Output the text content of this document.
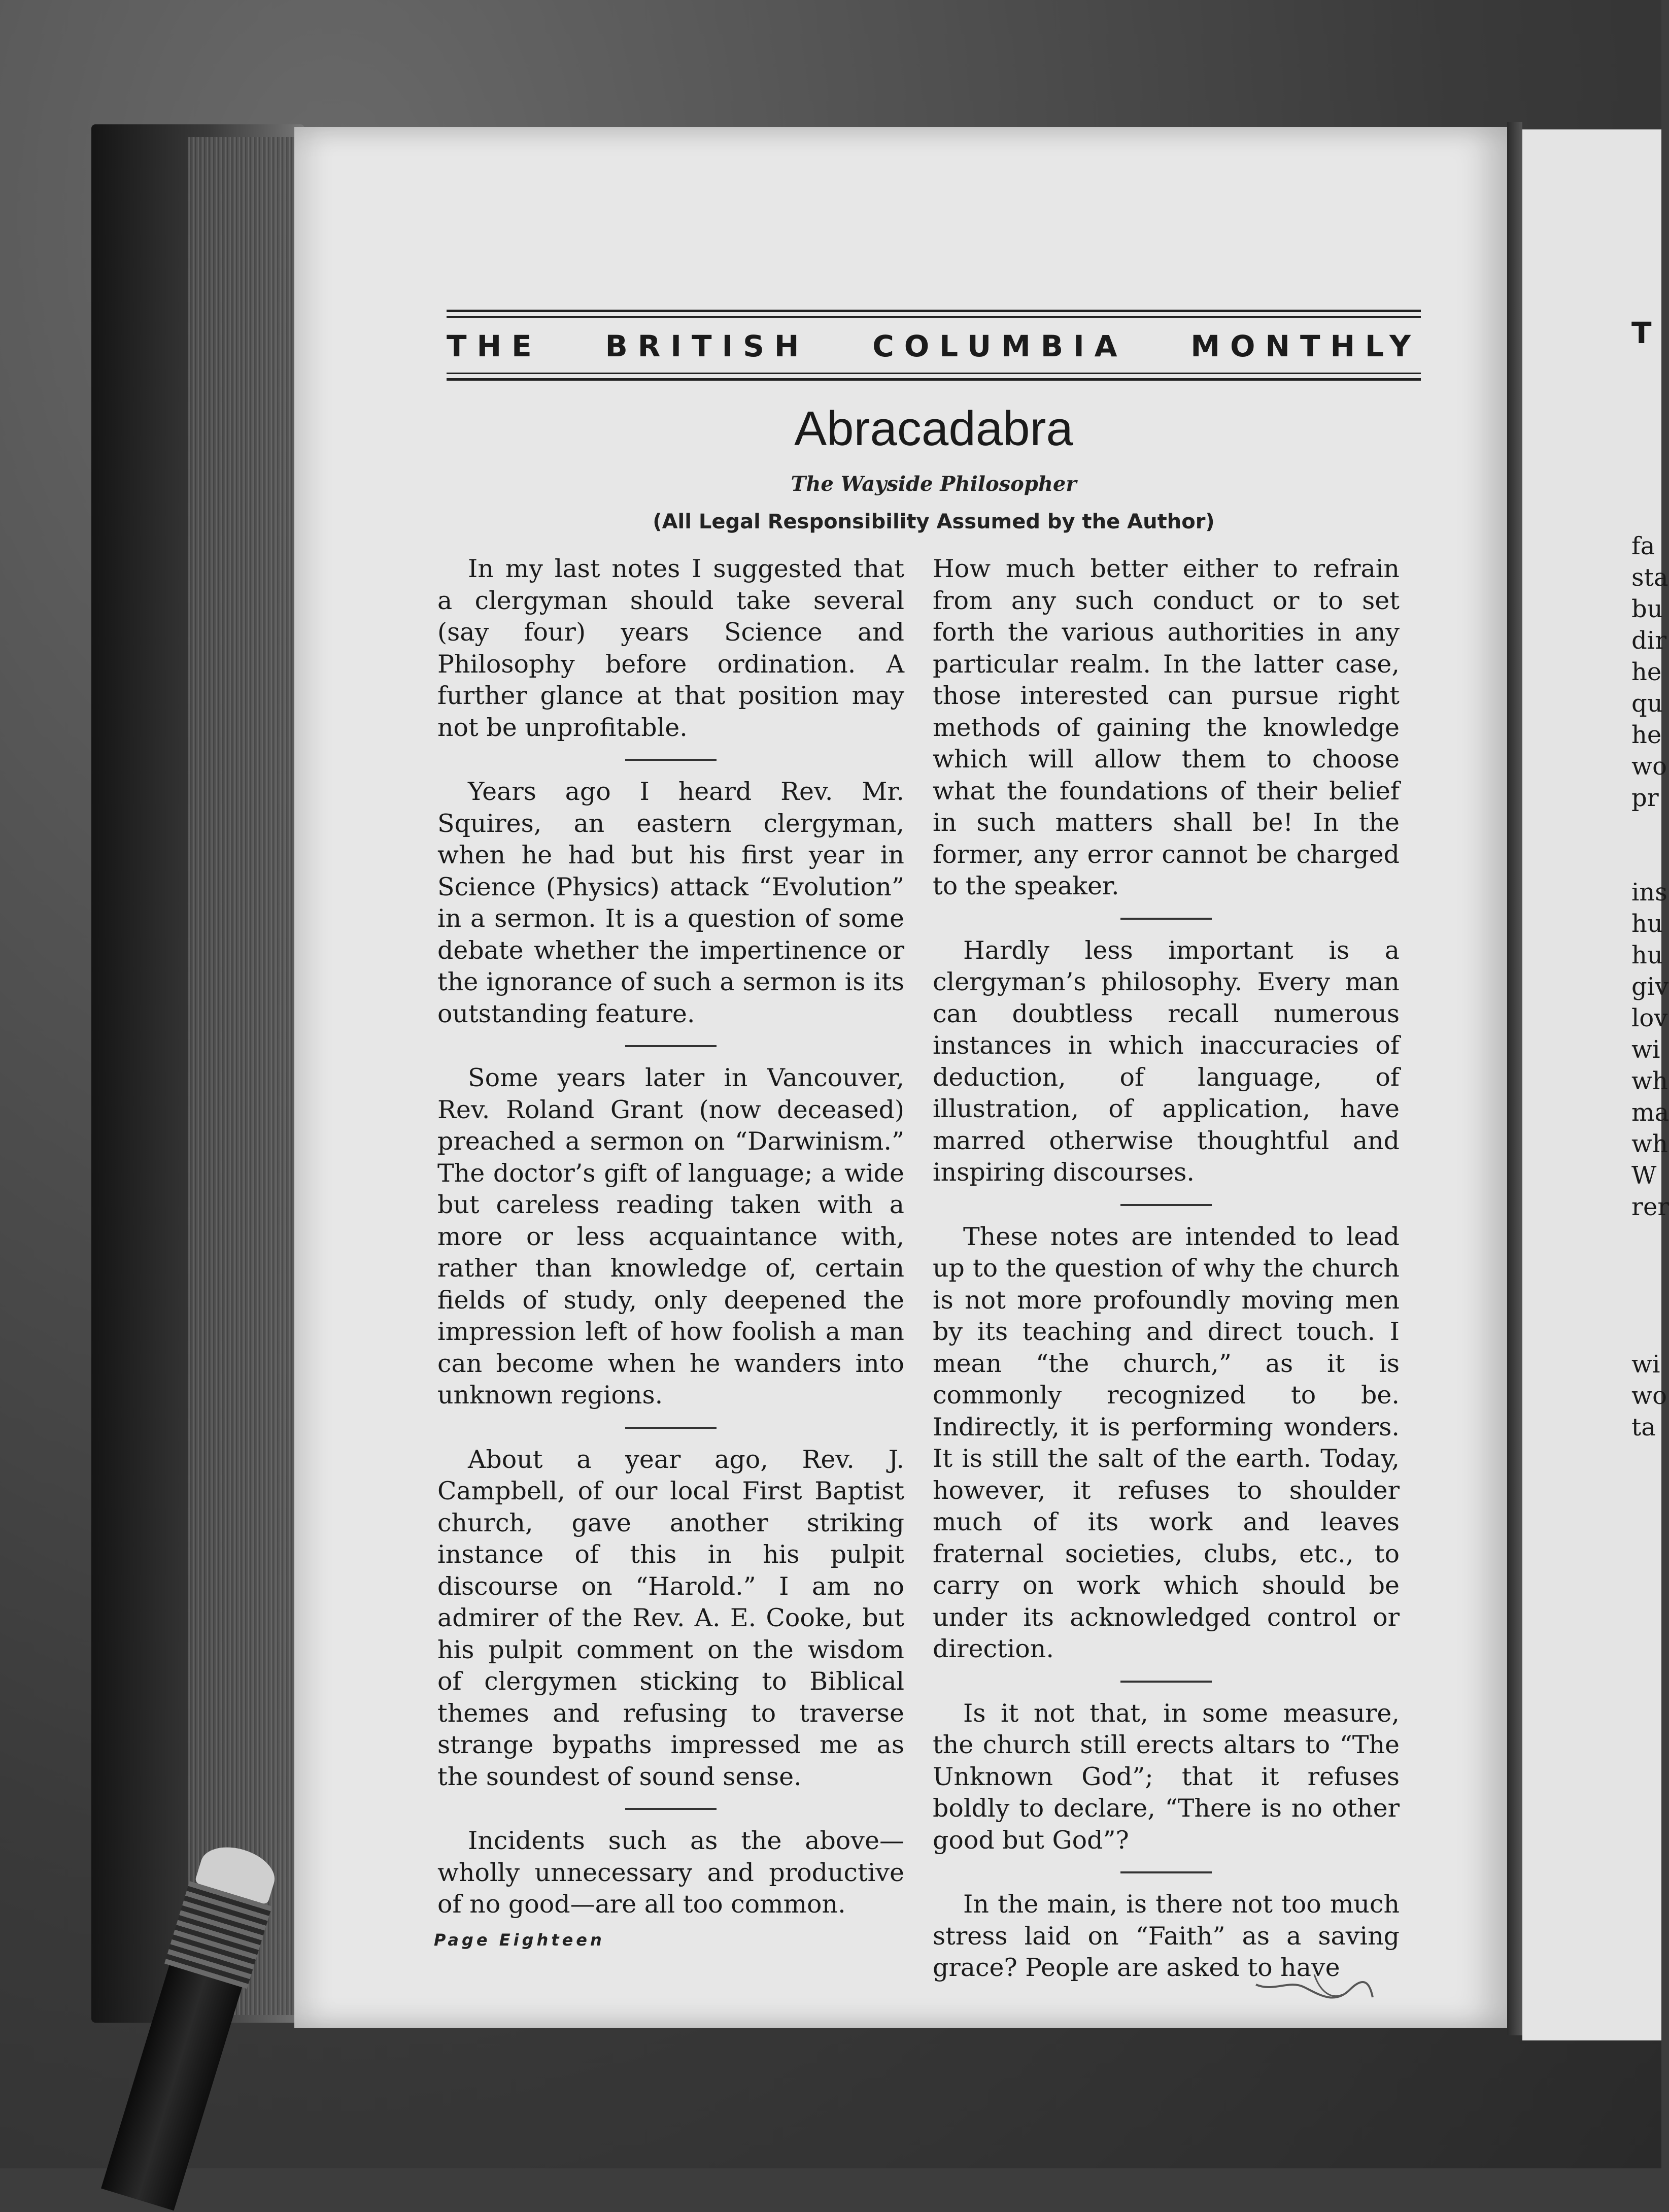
T
fa
sta
bu
dir
he
qu
he
wo
pr
ins
hu
hu
giv
lov
wi
wh
ma
wh
W
rer
wi
wo
ta
THE BRITISH COLUMBIA MONTHLY
Abracadabra
The Wayside Philosopher
(All Legal Responsibility Assumed by the Author)

In my last notes I suggested that a clergyman should take several (say four) years Science and Philosophy before ordination. A further glance at that position may not be unprofitable.

Years ago I heard Rev. Mr. Squires, an eastern clergyman, when he had but his first year in Science (Physics) attack “Evolution” in a sermon. It is a question of some debate whether the impertinence or the ignorance of such a sermon is its outstanding feature.

Some years later in Vancouver, Rev. Roland Grant (now deceased) preached a sermon on “Darwinism.” The doctor’s gift of language; a wide but careless reading taken with a more or less acquaintance with, rather than knowledge of, certain fields of study, only deepened the impression left of how foolish a man can become when he wanders into unknown regions.

About a year ago, Rev. J. Campbell, of our local First Baptist church, gave another striking instance of this in his pulpit discourse on “Harold.” I am no admirer of the Rev. A. E. Cooke, but his pulpit comment on the wisdom of clergymen sticking to Biblical themes and refusing to traverse strange bypaths impressed me as the soundest of sound sense.

Incidents such as the above—wholly unnecessary and productive of no good—are all too common.

How much better either to refrain from any such conduct or to set forth the various authorities in any particular realm. In the latter case, those interested can pursue right methods of gaining the knowledge which will allow them to choose what the foundations of their belief in such matters shall be! In the former, any error cannot be charged to the speaker.

Hardly less important is a clergyman’s philosophy. Every man can doubtless recall numerous instances in which inaccuracies of deduction, of language, of illustration, of application, have marred otherwise thoughtful and inspiring discourses.

These notes are intended to lead up to the question of why the church is not more profoundly moving men by its teaching and direct touch. I mean “the church,” as it is commonly recognized to be. Indirectly, it is performing wonders. It is still the salt of the earth. Today, however, it refuses to shoulder much of its work and leaves fraternal societies, clubs, etc., to carry on work which should be under its acknowledged control or direction.

Is it not that, in some measure, the church still erects altars to “The Unknown God”; that it refuses boldly to declare, “There is no other good but God”?

In the main, is there not too much stress laid on “Faith” as a saving grace? People are asked to have

Page Eighteen
